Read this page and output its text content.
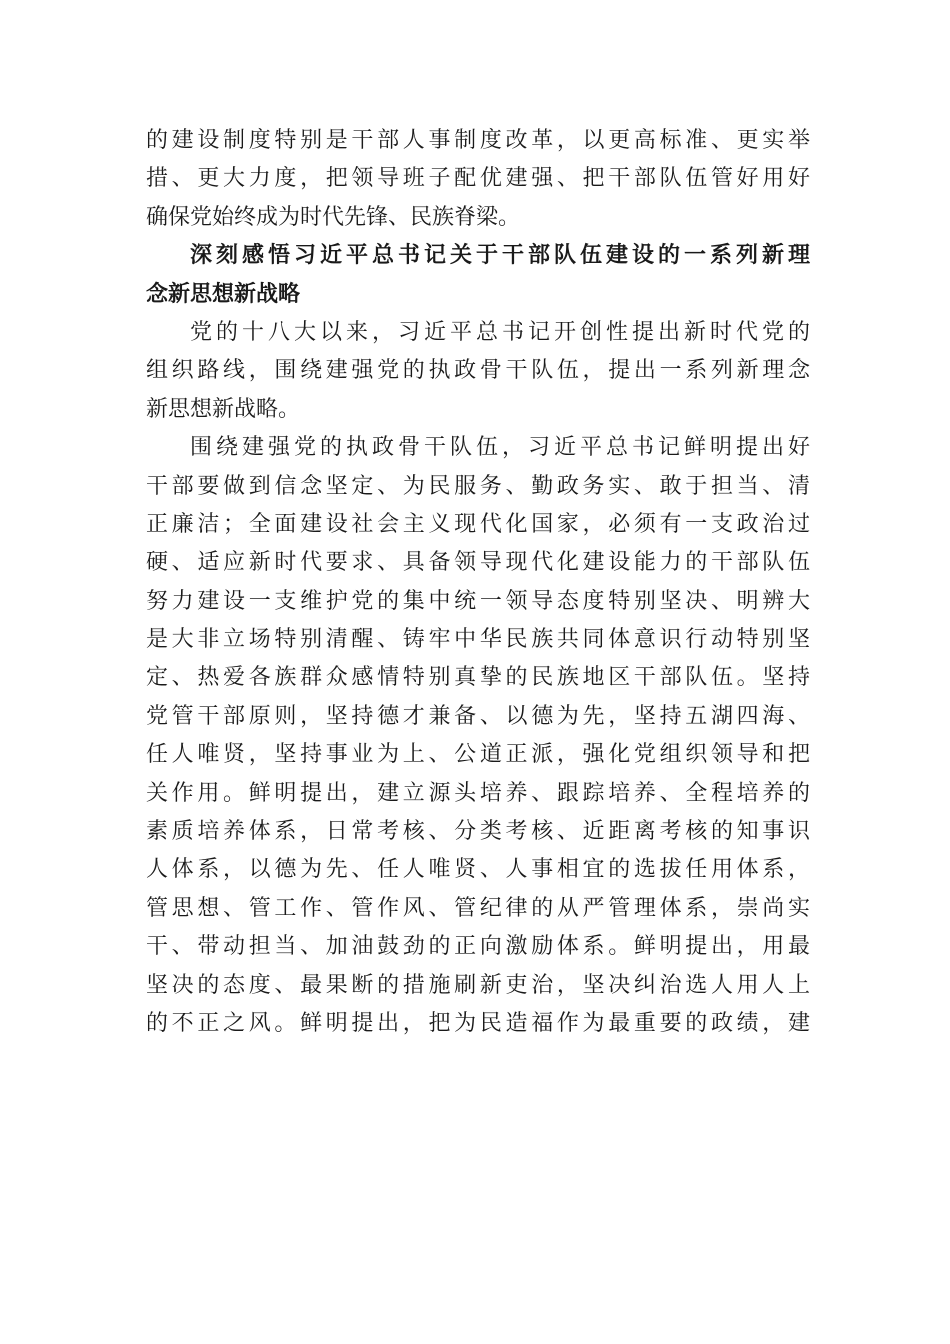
的建设制度特别是干部人事制度改革，以更高标准、更实举
措、更大力度，把领导班子配优建强、把干部队伍管好用好
确保党始终成为时代先锋、民族脊梁。
深刻感悟习近平总书记关于干部队伍建设的一系列新理
念新思想新战略
党的十八大以来，习近平总书记开创性提出新时代党的
组织路线，围绕建强党的执政骨干队伍，提出一系列新理念
新思想新战略。
围绕建强党的执政骨干队伍，习近平总书记鲜明提出好
干部要做到信念坚定、为民服务、勤政务实、敢于担当、清
正廉洁；全面建设社会主义现代化国家，必须有一支政治过
硬、适应新时代要求、具备领导现代化建设能力的干部队伍
努力建设一支维护党的集中统一领导态度特别坚决、明辨大
是大非立场特别清醒、铸牢中华民族共同体意识行动特别坚
定、热爱各族群众感情特别真挚的民族地区干部队伍。坚持
党管干部原则，坚持德才兼备、以德为先，坚持五湖四海、
任人唯贤，坚持事业为上、公道正派，强化党组织领导和把
关作用。鲜明提出，建立源头培养、跟踪培养、全程培养的
素质培养体系，日常考核、分类考核、近距离考核的知事识
人体系，以德为先、任人唯贤、人事相宜的选拔任用体系，
管思想、管工作、管作风、管纪律的从严管理体系，崇尚实
干、带动担当、加油鼓劲的正向激励体系。鲜明提出，用最
坚决的态度、最果断的措施刷新吏治，坚决纠治选人用人上
的不正之风。鲜明提出，把为民造福作为最重要的政绩，建
